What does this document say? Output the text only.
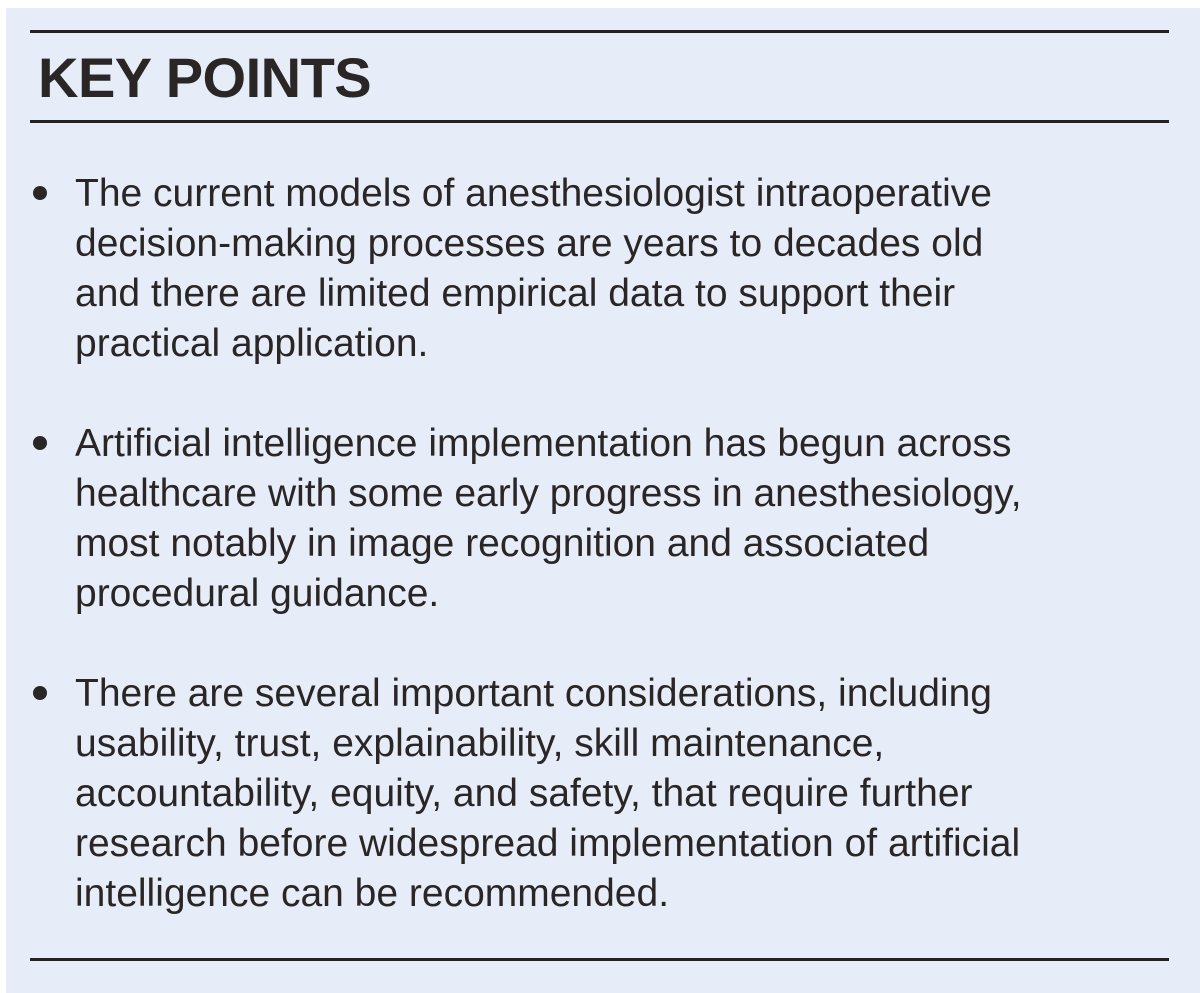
KEY POINTS
The current models of anesthesiologist intraoperative
decision-making processes are years to decades old
and there are limited empirical data to support their
practical application.
Artificial intelligence implementation has begun across
healthcare with some early progress in anesthesiology,
most notably in image recognition and associated
procedural guidance.
There are several important considerations, including
usability, trust, explainability, skill maintenance,
accountability, equity, and safety, that require further
research before widespread implementation of artificial
intelligence can be recommended.
